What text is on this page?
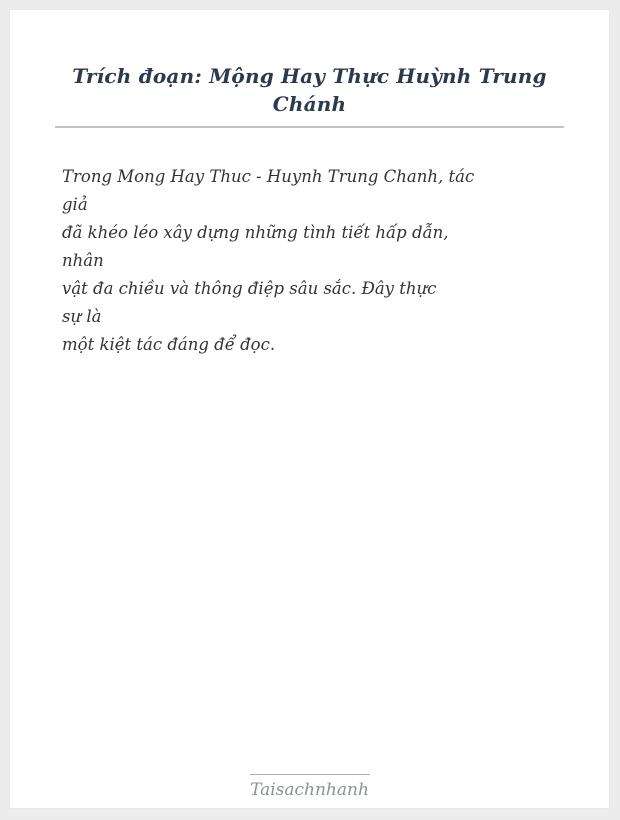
Trích đoạn: Mộng Hay Thực Huỳnh Trung Chánh

Trong Mong Hay Thuc - Huynh Trung Chanh, tác

giả

đã khéo léo xây dựng những tình tiết hấp dẫn,

nhân

vật đa chiều và thông điệp sâu sắc. Đây thực

sự là

một kiệt tác đáng để đọc.

Taisachnhanh
